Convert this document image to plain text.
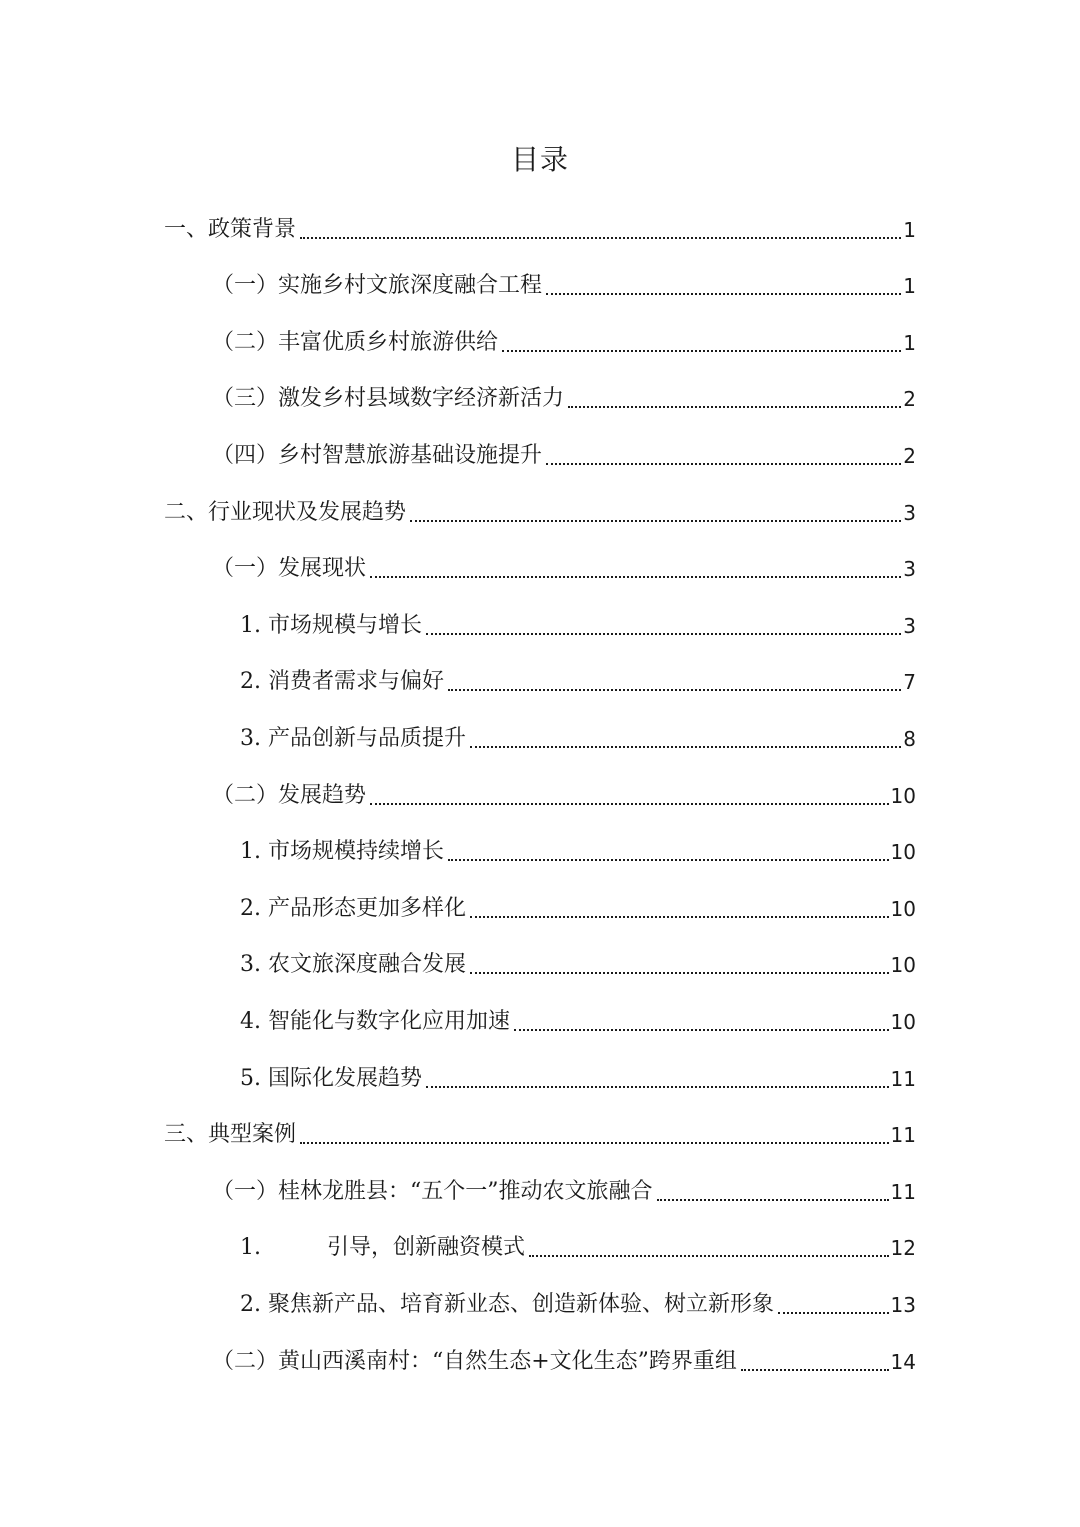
目录
一、政策背景	1
（一）实施乡村文旅深度融合工程	1
（二）丰富优质乡村旅游供给	1
（三）激发乡村县域数字经济新活力	2
（四）乡村智慧旅游基础设施提升	2
二、行业现状及发展趋势	3
（一）发展现状	3
1. 市场规模与增长	3
2. 消费者需求与偏好	7
3. 产品创新与品质提升	8
（二）发展趋势	10
1. 市场规模持续增长	10
2. 产品形态更加多样化	10
3. 农文旅深度融合发展	10
4. 智能化与数字化应用加速	10
5. 国际化发展趋势	11
三、典型案例	11
（一）桂林龙胜县：“五个一”推动农文旅融合	11
1.　　　引导，创新融资模式	12
2. 聚焦新产品、培育新业态、创造新体验、树立新形象	13
（二）黄山西溪南村：“自然生态+文化生态”跨界重组	14
